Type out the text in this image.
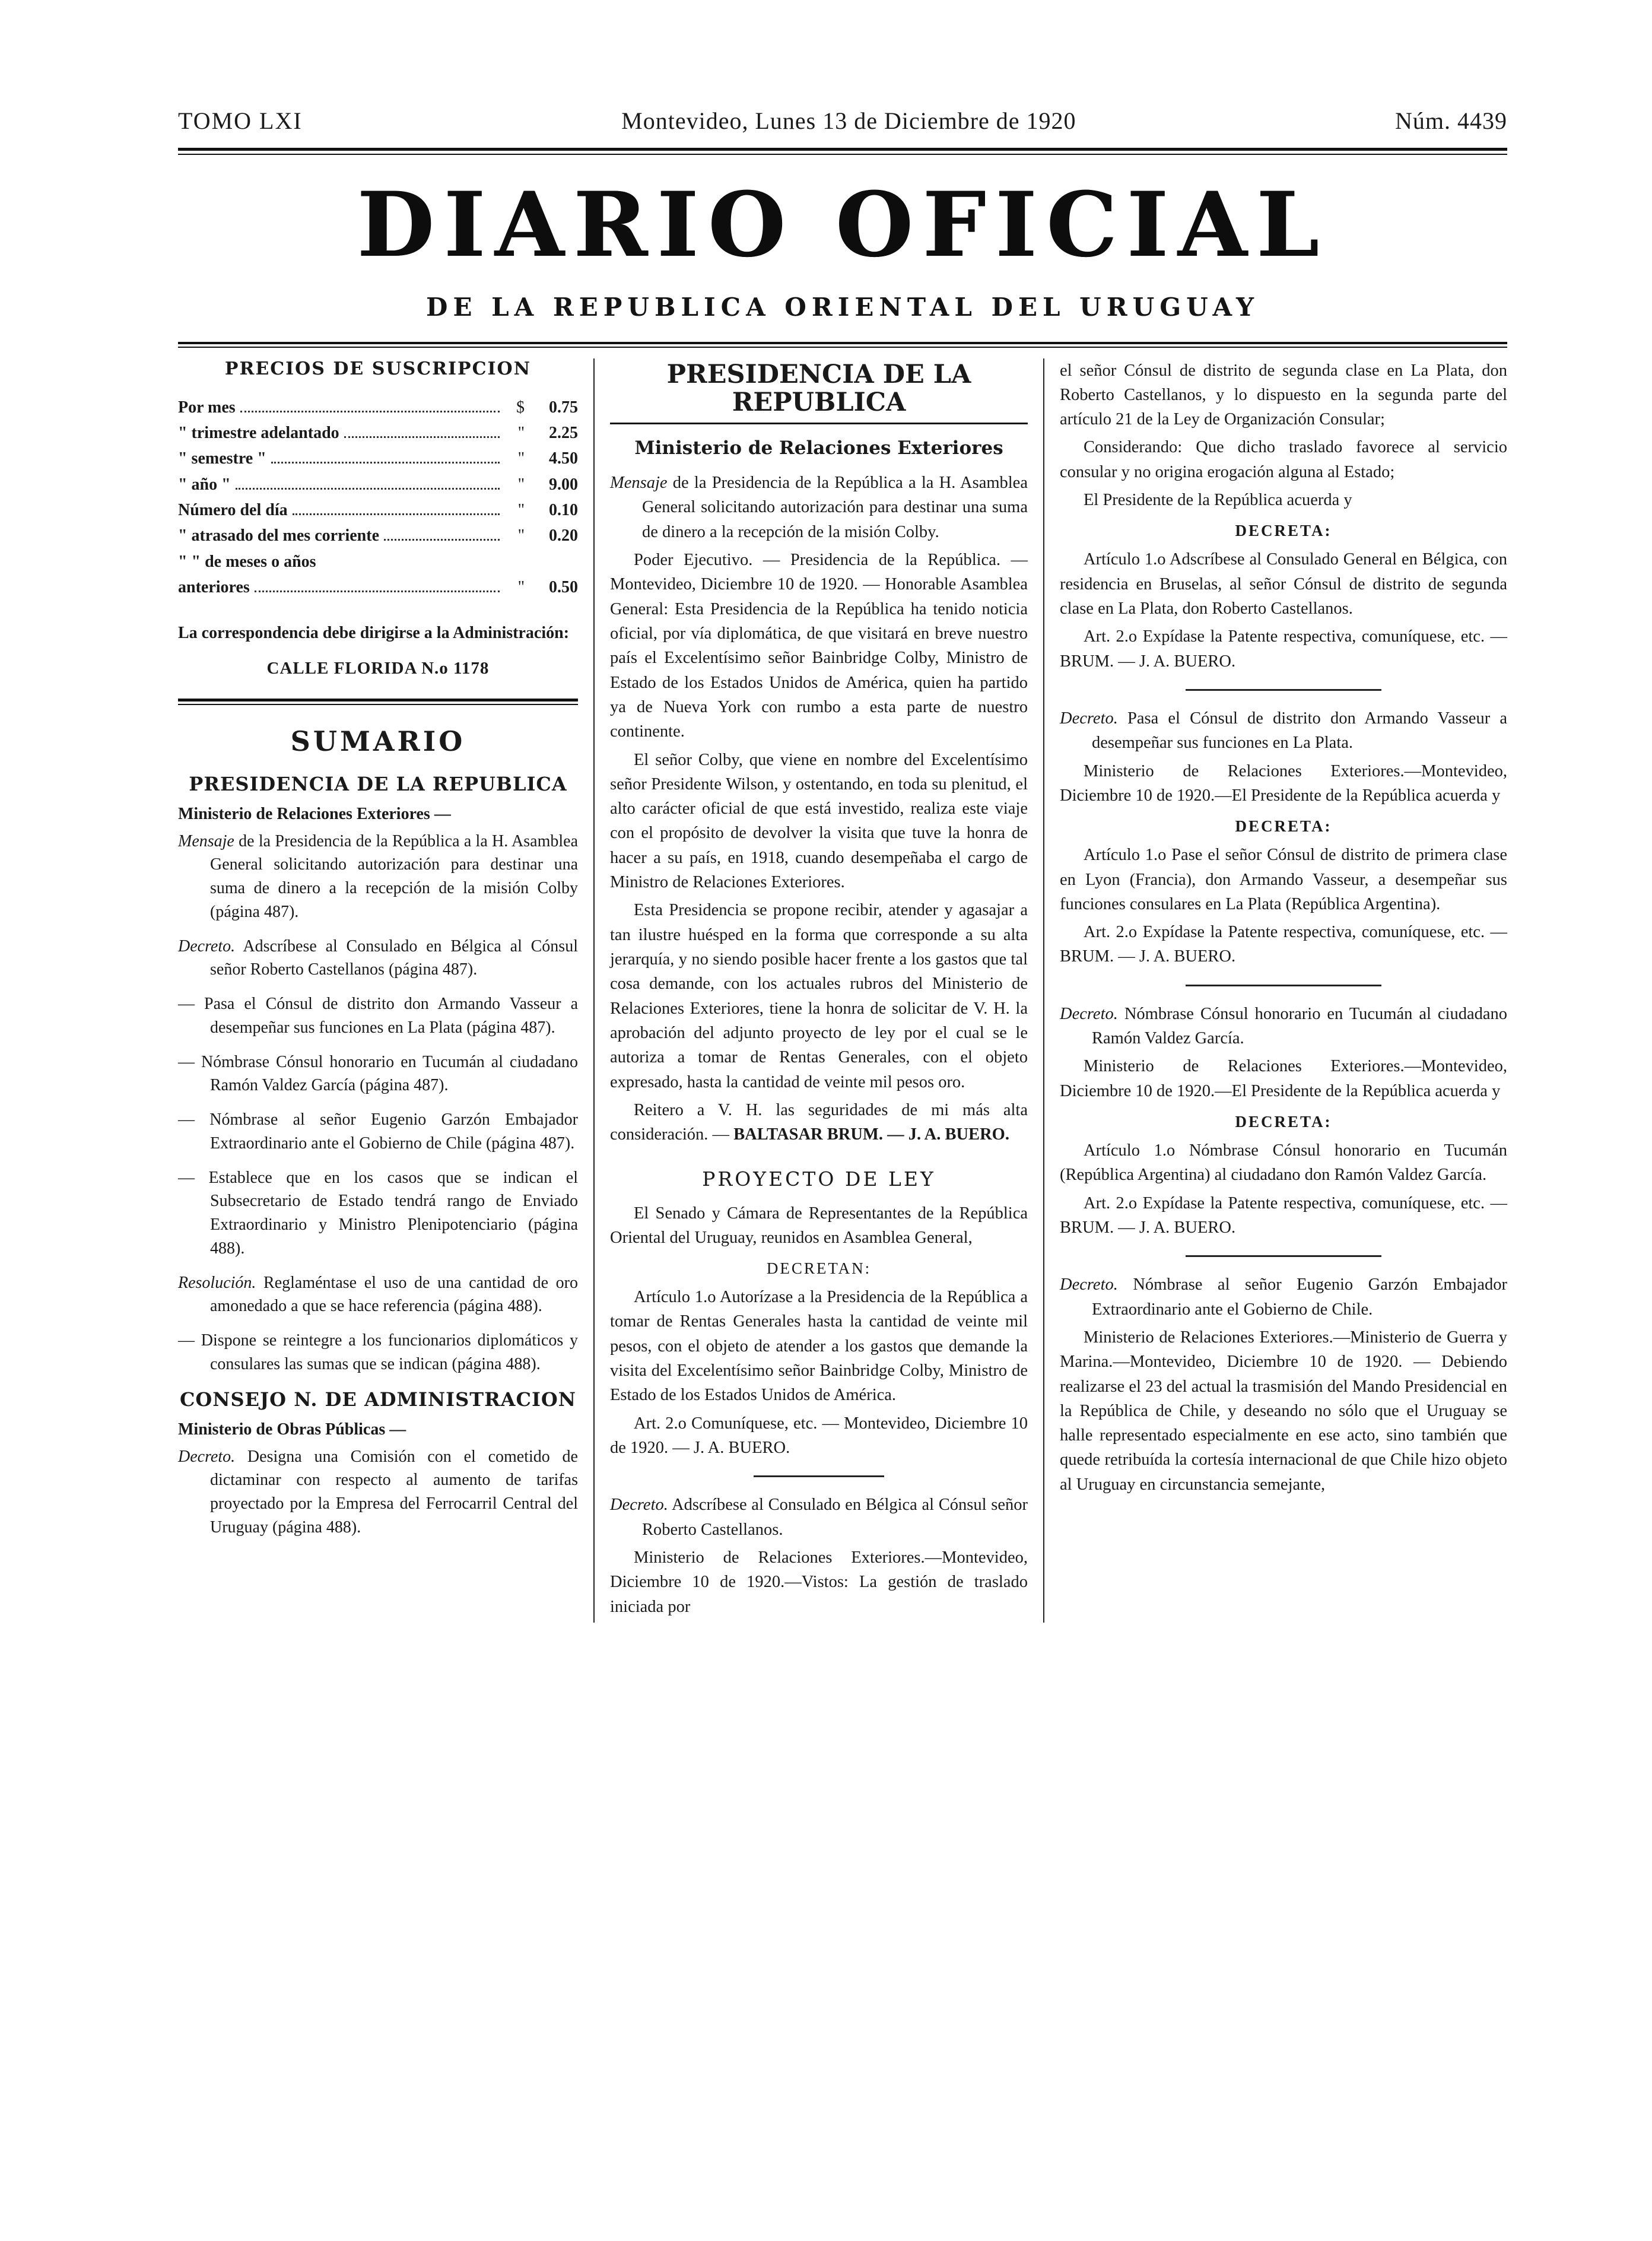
TOMO LXI	Montevideo, Lunes 13 de Diciembre de 1920	Núm. 4439
DIARIO OFICIAL
DE LA REPUBLICA ORIENTAL DEL URUGUAY
PRECIOS DE SUSCRIPCION
Por mes	$	0.75
" trimestre adelantado	"	2.25
" semestre "	"	4.50
" año "	"	9.00
Número del día	"	0.10
" atrasado del mes corriente	"	0.20
" " de meses o años
anteriores	"	0.50
La correspondencia debe dirigirse a la Administración:
CALLE FLORIDA N.o 1178
SUMARIO
PRESIDENCIA DE LA REPUBLICA
Ministerio de Relaciones Exteriores —
Mensaje de la Presidencia de la República a la H. Asamblea General solicitando autorización para destinar una suma de dinero a la recepción de la misión Colby (página 487).
Decreto. Adscríbese al Consulado en Bélgica al Cónsul señor Roberto Castellanos (página 487).
— Pasa el Cónsul de distrito don Armando Vasseur a desempeñar sus funciones en La Plata (página 487).
— Nómbrase Cónsul honorario en Tucumán al ciudadano Ramón Valdez García (página 487).
— Nómbrase al señor Eugenio Garzón Embajador Extraordinario ante el Gobierno de Chile (página 487).
— Establece que en los casos que se indican el Subsecretario de Estado tendrá rango de Enviado Extraordinario y Ministro Plenipotenciario (página 488).
Resolución. Reglaméntase el uso de una cantidad de oro amonedado a que se hace referencia (página 488).
— Dispone se reintegre a los funcionarios diplomáticos y consulares las sumas que se indican (página 488).
CONSEJO N. DE ADMINISTRACION
Ministerio de Obras Públicas —
Decreto. Designa una Comisión con el cometido de dictaminar con respecto al aumento de tarifas proyectado por la Empresa del Ferrocarril Central del Uruguay (página 488).
PRESIDENCIA DE LA REPUBLICA
Ministerio de Relaciones Exteriores
Mensaje de la Presidencia de la República a la H. Asamblea General solicitando autorización para destinar una suma de dinero a la recepción de la misión Colby.
Poder Ejecutivo. — Presidencia de la República. — Montevideo, Diciembre 10 de 1920. — Honorable Asamblea General: Esta Presidencia de la República ha tenido noticia oficial, por vía diplomática, de que visitará en breve nuestro país el Excelentísimo señor Bainbridge Colby, Ministro de Estado de los Estados Unidos de América, quien ha partido ya de Nueva York con rumbo a esta parte de nuestro continente.
El señor Colby, que viene en nombre del Excelentísimo señor Presidente Wilson, y ostentando, en toda su plenitud, el alto carácter oficial de que está investido, realiza este viaje con el propósito de devolver la visita que tuve la honra de hacer a su país, en 1918, cuando desempeñaba el cargo de Ministro de Relaciones Exteriores.
Esta Presidencia se propone recibir, atender y agasajar a tan ilustre huésped en la forma que corresponde a su alta jerarquía, y no siendo posible hacer frente a los gastos que tal cosa demande, con los actuales rubros del Ministerio de Relaciones Exteriores, tiene la honra de solicitar de V. H. la aprobación del adjunto proyecto de ley por el cual se le autoriza a tomar de Rentas Generales, con el objeto expresado, hasta la cantidad de veinte mil pesos oro.
Reitero a V. H. las seguridades de mi más alta consideración. — BALTASAR BRUM. — J. A. BUERO.
PROYECTO DE LEY
El Senado y Cámara de Representantes de la República Oriental del Uruguay, reunidos en Asamblea General,
DECRETAN:
Artículo 1.o Autorízase a la Presidencia de la República a tomar de Rentas Generales hasta la cantidad de veinte mil pesos, con el objeto de atender a los gastos que demande la visita del Excelentísimo señor Bainbridge Colby, Ministro de Estado de los Estados Unidos de América.
Art. 2.o Comuníquese, etc. — Montevideo, Diciembre 10 de 1920. — J. A. BUERO.
Decreto. Adscríbese al Consulado en Bélgica al Cónsul señor Roberto Castellanos.
Ministerio de Relaciones Exteriores.—Montevideo, Diciembre 10 de 1920.—Vistos: La gestión de traslado iniciada por
el señor Cónsul de distrito de segunda clase en La Plata, don Roberto Castellanos, y lo dispuesto en la segunda parte del artículo 21 de la Ley de Organización Consular;
Considerando: Que dicho traslado favorece al servicio consular y no origina erogación alguna al Estado;
El Presidente de la República acuerda y
DECRETA:
Artículo 1.o Adscríbese al Consulado General en Bélgica, con residencia en Bruselas, al señor Cónsul de distrito de segunda clase en La Plata, don Roberto Castellanos.
Art. 2.o Expídase la Patente respectiva, comuníquese, etc. — BRUM. — J. A. BUERO.
Decreto. Pasa el Cónsul de distrito don Armando Vasseur a desempeñar sus funciones en La Plata.
Ministerio de Relaciones Exteriores.—Montevideo, Diciembre 10 de 1920.—El Presidente de la República acuerda y
DECRETA:
Artículo 1.o Pase el señor Cónsul de distrito de primera clase en Lyon (Francia), don Armando Vasseur, a desempeñar sus funciones consulares en La Plata (República Argentina).
Art. 2.o Expídase la Patente respectiva, comuníquese, etc. — BRUM. — J. A. BUERO.
Decreto. Nómbrase Cónsul honorario en Tucumán al ciudadano Ramón Valdez García.
Ministerio de Relaciones Exteriores.—Montevideo, Diciembre 10 de 1920.—El Presidente de la República acuerda y
DECRETA:
Artículo 1.o Nómbrase Cónsul honorario en Tucumán (República Argentina) al ciudadano don Ramón Valdez García.
Art. 2.o Expídase la Patente respectiva, comuníquese, etc. — BRUM. — J. A. BUERO.
Decreto. Nómbrase al señor Eugenio Garzón Embajador Extraordinario ante el Gobierno de Chile.
Ministerio de Relaciones Exteriores.—Ministerio de Guerra y Marina.—Montevideo, Diciembre 10 de 1920. — Debiendo realizarse el 23 del actual la trasmisión del Mando Presidencial en la República de Chile, y deseando no sólo que el Uruguay se halle representado especialmente en ese acto, sino también que quede retribuída la cortesía internacional de que Chile hizo objeto al Uruguay en circunstancia semejante,
